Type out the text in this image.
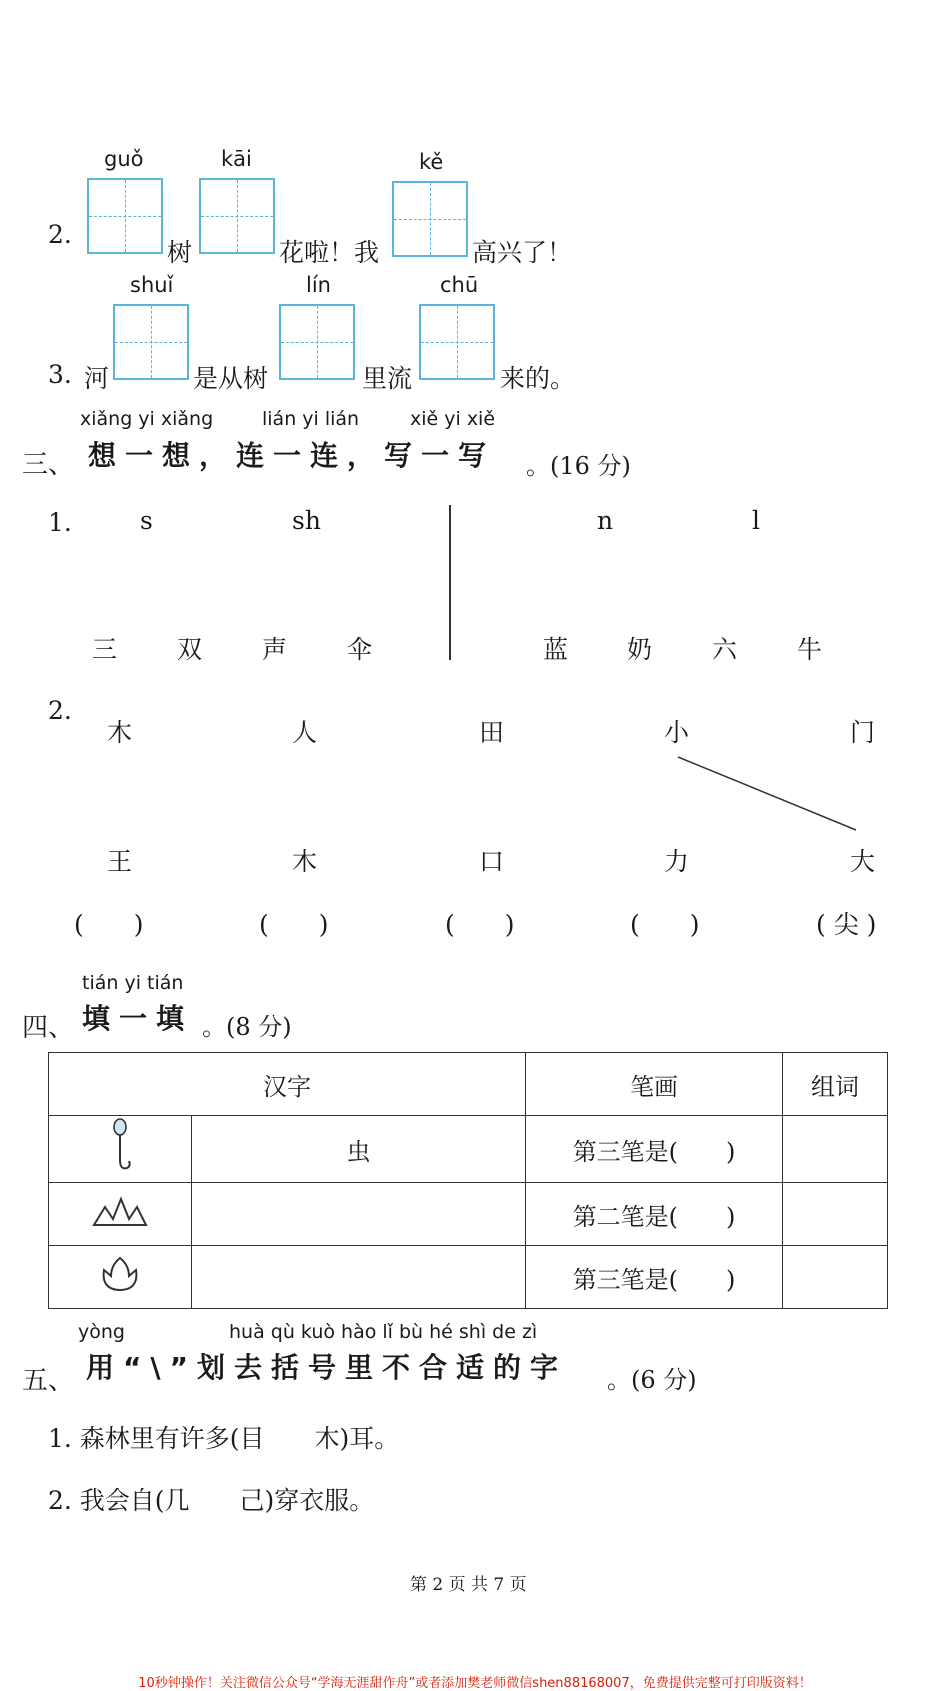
2.
guǒ	kāi	kě
树	花啦！我	高兴了！
3.
shuǐ	lín	chū
河	是从树	里流	来的。
三、
xiǎng yi xiǎng	lián yi lián	xiě yi xiě
想一想，连一连，写一写 。(16 分)
1.	s	sh	n	l
三 双 声 伞	蓝 奶 六 牛
2.
木	人	田	小	门
王	木	口	力	大
(　　)	(　　)	(　　)	(　　)	( 尖 )
四、
tián yi tián
填一填 。(8 分)
汉字		笔画	组词
	虫	第三笔是(　　)	
		第二笔是(　　)	
		第三笔是(　　)	
五、
yòng	huà qù kuò hào lǐ bù hé shì de zì
用“\”划去括号里不合适的字 。(6 分)
1. 森林里有许多(目　　木)耳。
2. 我会自(几　　己)穿衣服。
第 2 页 共 7 页
10秒钟操作！关注微信公众号“学海无涯甜作舟”或者添加樊老师微信shen88168007，免费提供完整可打印版资料！
